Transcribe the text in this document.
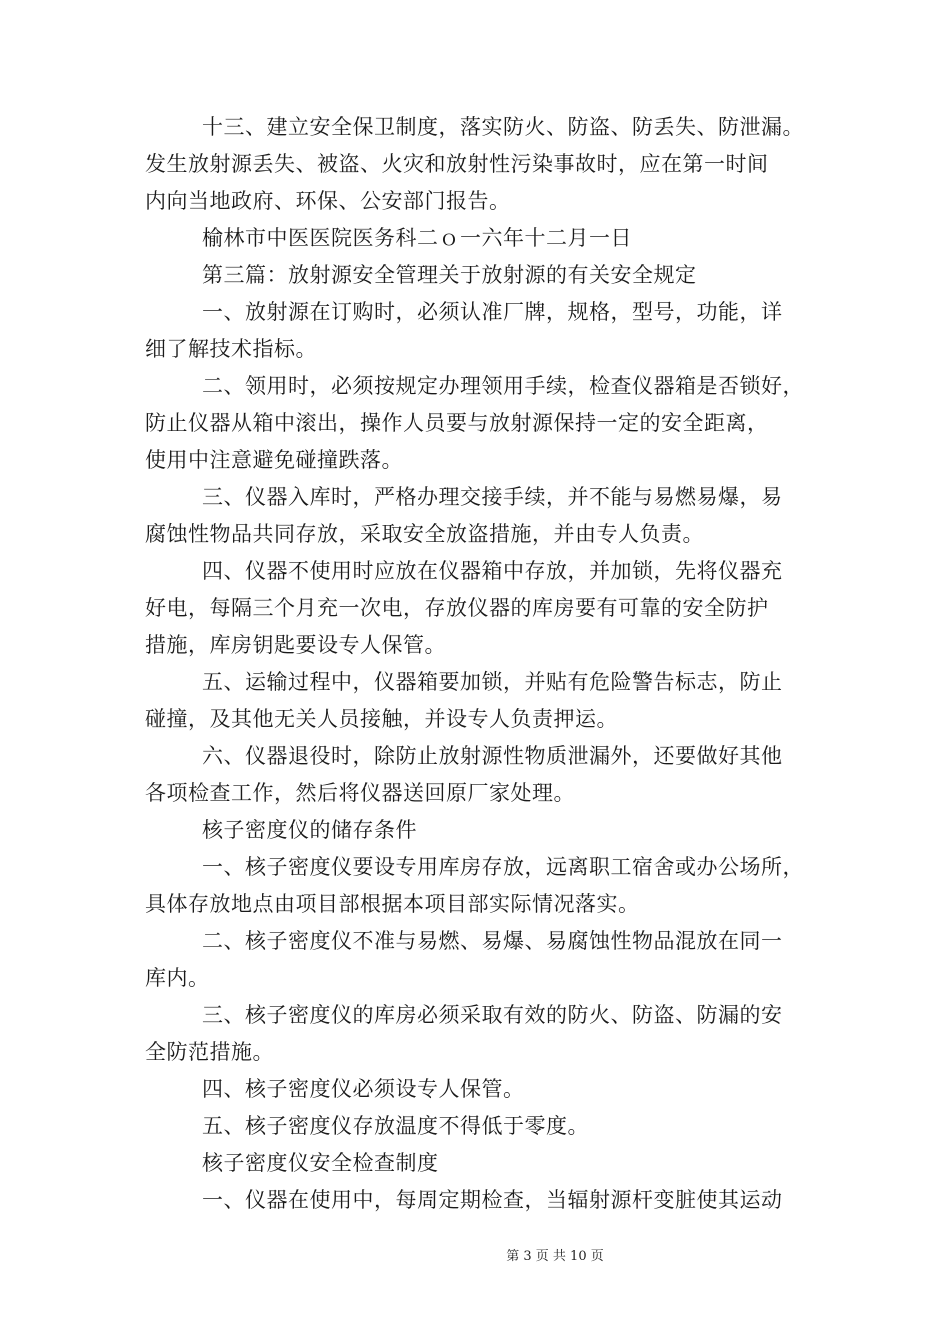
十三、建立安全保卫制度，落实防火、防盗、防丢失、防泄漏。
发生放射源丢失、被盗、火灾和放射性污染事故时，应在第一时间
内向当地政府、环保、公安部门报告。
榆林市中医医院医务科二ｏ一六年十二月一日
第三篇：放射源安全管理关于放射源的有关安全规定
一、放射源在订购时，必须认准厂牌，规格，型号，功能，详
细了解技术指标。
二、领用时，必须按规定办理领用手续，检查仪器箱是否锁好，
防止仪器从箱中滚出，操作人员要与放射源保持一定的安全距离，
使用中注意避免碰撞跌落。
三、仪器入库时，严格办理交接手续，并不能与易燃易爆，易
腐蚀性物品共同存放，采取安全放盗措施，并由专人负责。
四、仪器不使用时应放在仪器箱中存放，并加锁，先将仪器充
好电，每隔三个月充一次电，存放仪器的库房要有可靠的安全防护
措施，库房钥匙要设专人保管。
五、运输过程中，仪器箱要加锁，并贴有危险警告标志，防止
碰撞，及其他无关人员接触，并设专人负责押运。
六、仪器退役时，除防止放射源性物质泄漏外，还要做好其他
各项检查工作，然后将仪器送回原厂家处理。
核子密度仪的储存条件
一、核子密度仪要设专用库房存放，远离职工宿舍或办公场所，
具体存放地点由项目部根据本项目部实际情况落实。
二、核子密度仪不准与易燃、易爆、易腐蚀性物品混放在同一
库内。
三、核子密度仪的库房必须采取有效的防火、防盗、防漏的安
全防范措施。
四、核子密度仪必须设专人保管。
五、核子密度仪存放温度不得低于零度。
核子密度仪安全检查制度
一、仪器在使用中，每周定期检查，当辐射源杆变脏使其运动
第 3 页 共 10 页
